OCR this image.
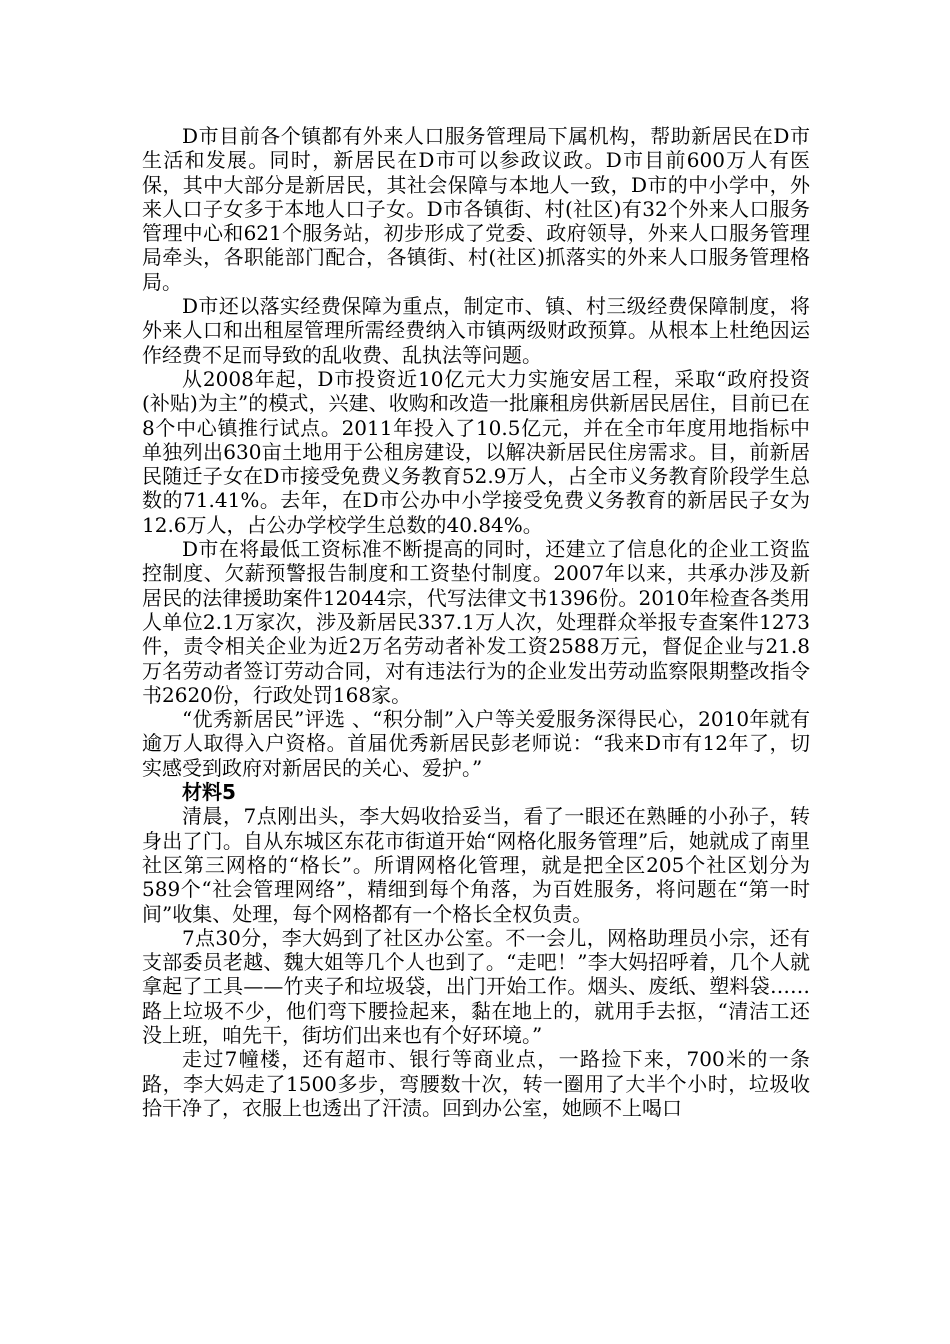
D市目前各个镇都有外来人口服务管理局下属机构，帮助新居民在D市生活和发展。同时，新居民在D市可以参政议政。D市目前600万人有医保，其中大部分是新居民，其社会保障与本地人一致，D市的中小学中，外来人口子女多于本地人口子女。D市各镇街、村(社区)有32个外来人口服务管理中心和621个服务站，初步形成了党委、政府领导，外来人口服务管理局牵头，各职能部门配合，各镇街、村(社区)抓落实的外来人口服务管理格局。

D市还以落实经费保障为重点，制定市、镇、村三级经费保障制度，将外来人口和出租屋管理所需经费纳入市镇两级财政预算。从根本上杜绝因运作经费不足而导致的乱收费、乱执法等问题。

从2008年起，D市投资近10亿元大力实施安居工程，采取“政府投资(补贴)为主”的模式，兴建、收购和改造一批廉租房供新居民居住，目前已在8个中心镇推行试点。2011年投入了10.5亿元，并在全市年度用地指标中单独列出630亩土地用于公租房建设，以解决新居民住房需求。目，前新居民随迁子女在D市接受免费义务教育52.9万人，占全市义务教育阶段学生总数的71.41%。去年，在D市公办中小学接受免费义务教育的新居民子女为12.6万人，占公办学校学生总数的40.84%。

D市在将最低工资标准不断提高的同时，还建立了信息化的企业工资监控制度、欠薪预警报告制度和工资垫付制度。2007年以来，共承办涉及新居民的法律援助案件12044宗，代写法律文书1396份。2010年检查各类用人单位2.1万家次，涉及新居民337.1万人次，处理群众举报专查案件1273件，责令相关企业为近2万名劳动者补发工资2588万元，督促企业与21.8万名劳动者签订劳动合同，对有违法行为的企业发出劳动监察限期整改指令书2620份，行政处罚168家。

“优秀新居民”评选 、“积分制”入户等关爱服务深得民心，2010年就有逾万人取得入户资格。首届优秀新居民彭老师说：“我来D市有12年了，切实感受到政府对新居民的关心、爱护。”

材料5

清晨，7点刚出头，李大妈收拾妥当，看了一眼还在熟睡的小孙子，转身出了门。自从东城区东花市街道开始“网格化服务管理”后，她就成了南里社区第三网格的“格长”。所谓网格化管理，就是把全区205个社区划分为589个“社会管理网络”，精细到每个角落，为百姓服务，将问题在“第一时间”收集、处理，每个网格都有一个格长全权负责。

7点30分，李大妈到了社区办公室。不一会儿，网格助理员小宗，还有支部委员老越、魏大姐等几个人也到了。“走吧！”李大妈招呼着，几个人就拿起了工具——竹夹子和垃圾袋，出门开始工作。烟头、废纸、塑料袋……路上垃圾不少，他们弯下腰捡起来，黏在地上的，就用手去抠，“清洁工还没上班，咱先干，街坊们出来也有个好环境。”

走过7幢楼，还有超市、银行等商业点，一路捡下来，700米的一条路，李大妈走了1500多步，弯腰数十次，转一圈用了大半个小时，垃圾收拾干净了，衣服上也透出了汗渍。回到办公室，她顾不上喝口
